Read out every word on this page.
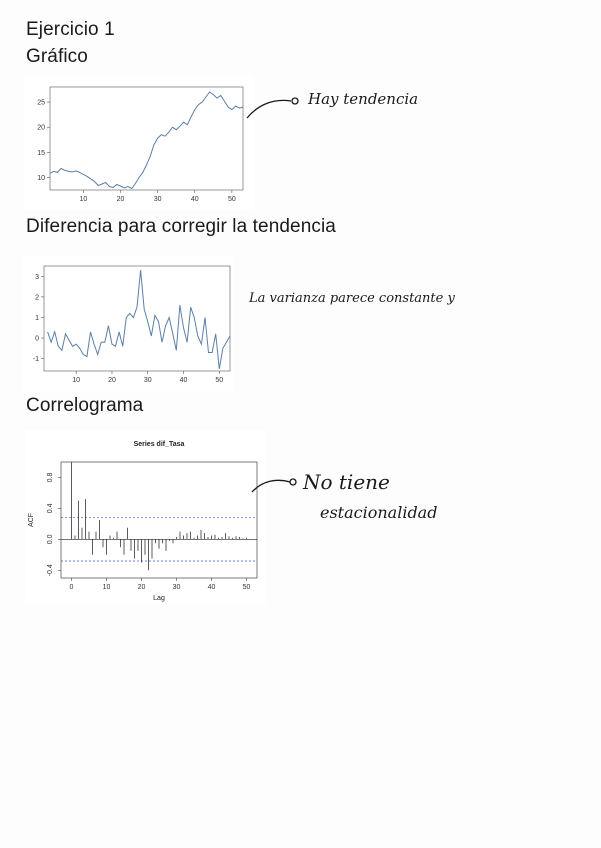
Ejercicio 1
Gráfico
10	20	30	40	50
10
15
20
25
Diferencia para corregir la tendencia
10	20	30	40	50
-1
0
1
2
3
Correlograma
Series dif_Tasa
0	10	20	30	40	50
-0.4
0.0
0.4
0.8
Lag
ACF
Hay tendencia
La varianza parece constante y
No tiene
estacionalidad
